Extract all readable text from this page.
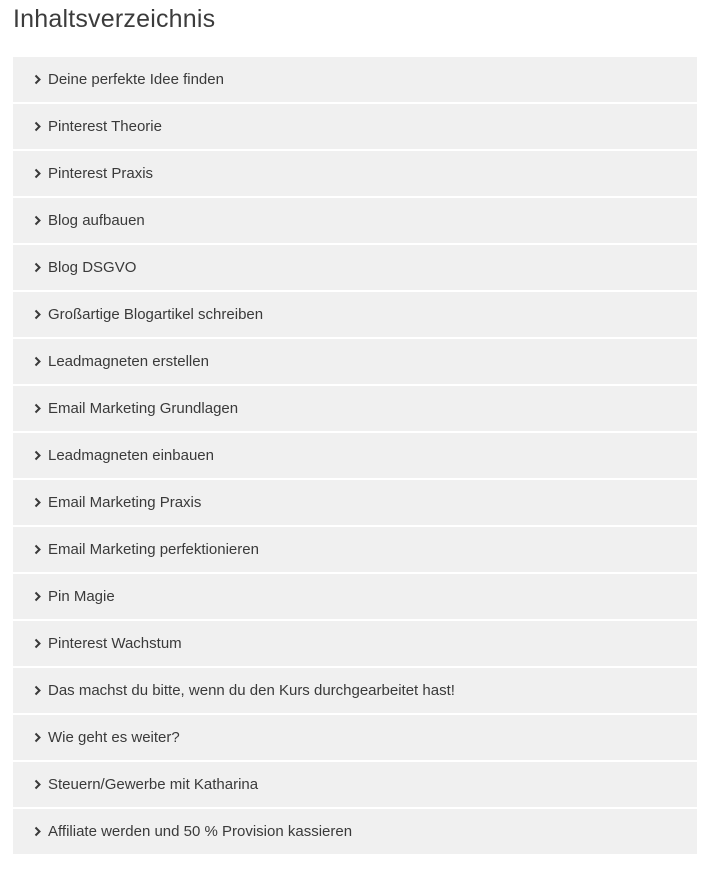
Inhaltsverzeichnis
Deine perfekte Idee finden
Pinterest Theorie
Pinterest Praxis
Blog aufbauen
Blog DSGVO
Großartige Blogartikel schreiben
Leadmagneten erstellen
Email Marketing Grundlagen
Leadmagneten einbauen
Email Marketing Praxis
Email Marketing perfektionieren
Pin Magie
Pinterest Wachstum
Das machst du bitte, wenn du den Kurs durchgearbeitet hast!
Wie geht es weiter?
Steuern/Gewerbe mit Katharina
Affiliate werden und 50 % Provision kassieren
